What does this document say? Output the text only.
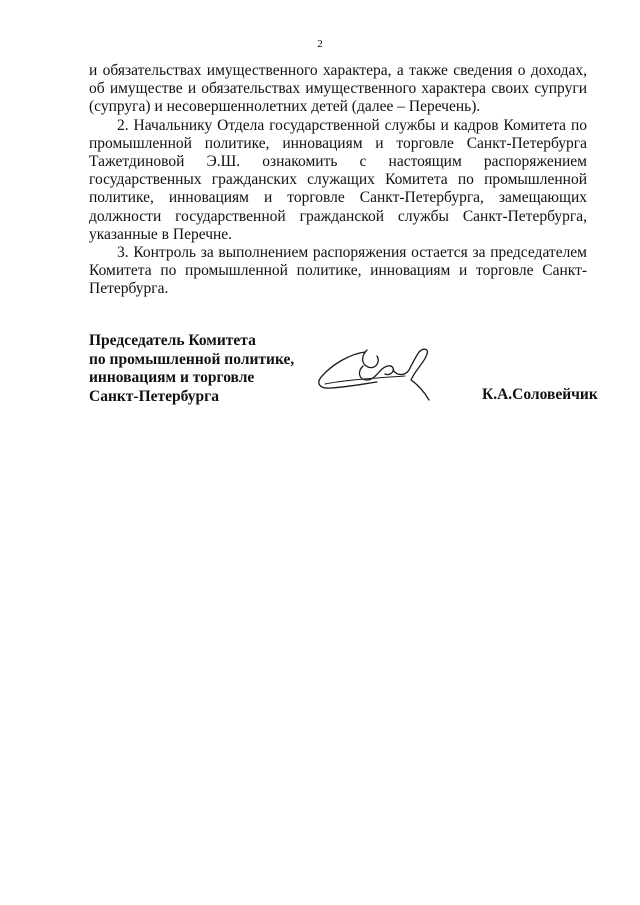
2

и обязательствах имущественного характера, а также сведения о доходах, об имуществе и обязательствах имущественного характера своих супруги (супруга) и несовершеннолетних детей (далее – Перечень).

2. Начальнику Отдела государственной службы и кадров Комитета по промышленной политике, инновациям и торговле Санкт-Петербурга Тажетдиновой Э.Ш. ознакомить с настоящим распоряжением государственных гражданских служащих Комитета по промышленной политике, инновациям и торговле Санкт-Петербурга, замещающих должности государственной гражданской службы Санкт-Петербурга, указанные в Перечне.

3. Контроль за выполнением распоряжения остается за председателем Комитета по промышленной политике, инновациям и торговле Санкт-Петербурга.

Председатель Комитета
по промышленной политике,
инновациям и торговле
Санкт-Петербурга	К.А.Соловейчик
